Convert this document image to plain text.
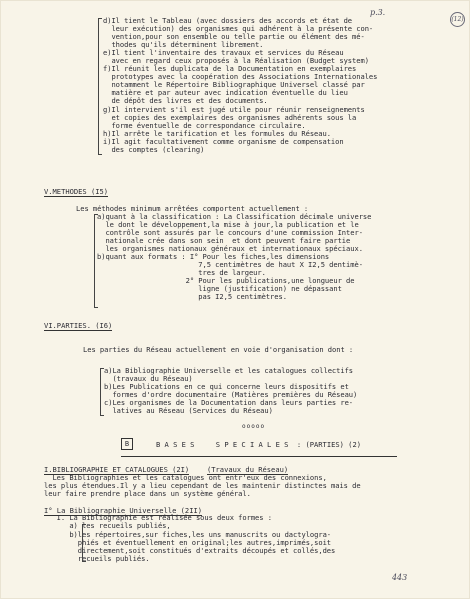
(12)
p.3.
d)Il tient le Tableau (avec dossiers des accords et état de
leur exécution) des organismes qui adhérent à la présente con-
vention,pour son ensemble ou telle partie ou élément des mé-
thodes qu'ils déterminent librement.
e)Il tient l'inventaire des travaux et services du Réseau
avec en regard ceux proposés à la Réalisation (Budget system)
f)Il réunit les duplicata de la Documentation en exemplaires
prototypes avec la coopération des Associations Internationales
notamment le Répertoire Bibliographique Universel classé par
matière et par auteur avec indication éventuelle du lieu
de dépôt des livres et des documents.
g)Il intervient s'il est jugé utile pour réunir renseignements
et copies des exemplaires des organismes adhérents sous la
forme éventuelle de correspondance circulaire.
h)Il arrête le tarification et les formules du Réseau.
i)Il agit facultativement comme organisme de compensation
des comptes (clearing)
V.METHODES (I5)
Les méthodes minimum arrêtées comportent actuellement :
a)quant à la classification : La Classification décimale universe
le dont le développement,la mise à jour,la publication et le
contrôle sont assurés par le concours d'une commission Inter-
nationale crée dans son sein  et dont peuvent faire partie
les organismes nationaux généraux et internationaux spéciaux.
b)quant aux formats : I° Pour les fiches,les dimensions
7,5 centimètres de haut X I2,5 dentimè-
tres de largeur.
2° Pour les publications,une longueur de
ligne (justification) ne dépassant
pas I2,5 centimètres.
VI.PARTIES. (I6)
Les parties du Réseau actuellement en voie d'organisation dont :
a)La Bibliographie Universelle et les catalogues collectifs
(travaux du Réseau)
b)Les Publications en ce qui concerne leurs dispositifs et
formes d'ordre documentaire (Matières premières du Réseau)
c)Les organismes de la Documentation dans leurs parties re-
latives au Réseau (Services du Réseau)
ooooo
B	B A S E S     S P E C I A L E S  : (PARTIES) (2)
I.BIBLIOGRAPHIE ET CATALOGUES (2I)	(Travaux du Réseau)
Les Bibliographies et les catalogues ont entr'eux des connexions,
les plus étendues.Il y a lieu cependant de les maintenir distinctes mais de
leur faire prendre place dans un système général.
I° La Bibliographie Universelle (2II)
I. La Bibliographie est réalisée sous deux formes :
a) les recueils publiés,
b)les répertoires,sur fiches,les uns manuscrits ou dactylogra-
phiés et éventuellement en original;les autres,imprimés,soit
directement,soit constitués d'extraits découpés et collés,des
recueils publiés.
443
